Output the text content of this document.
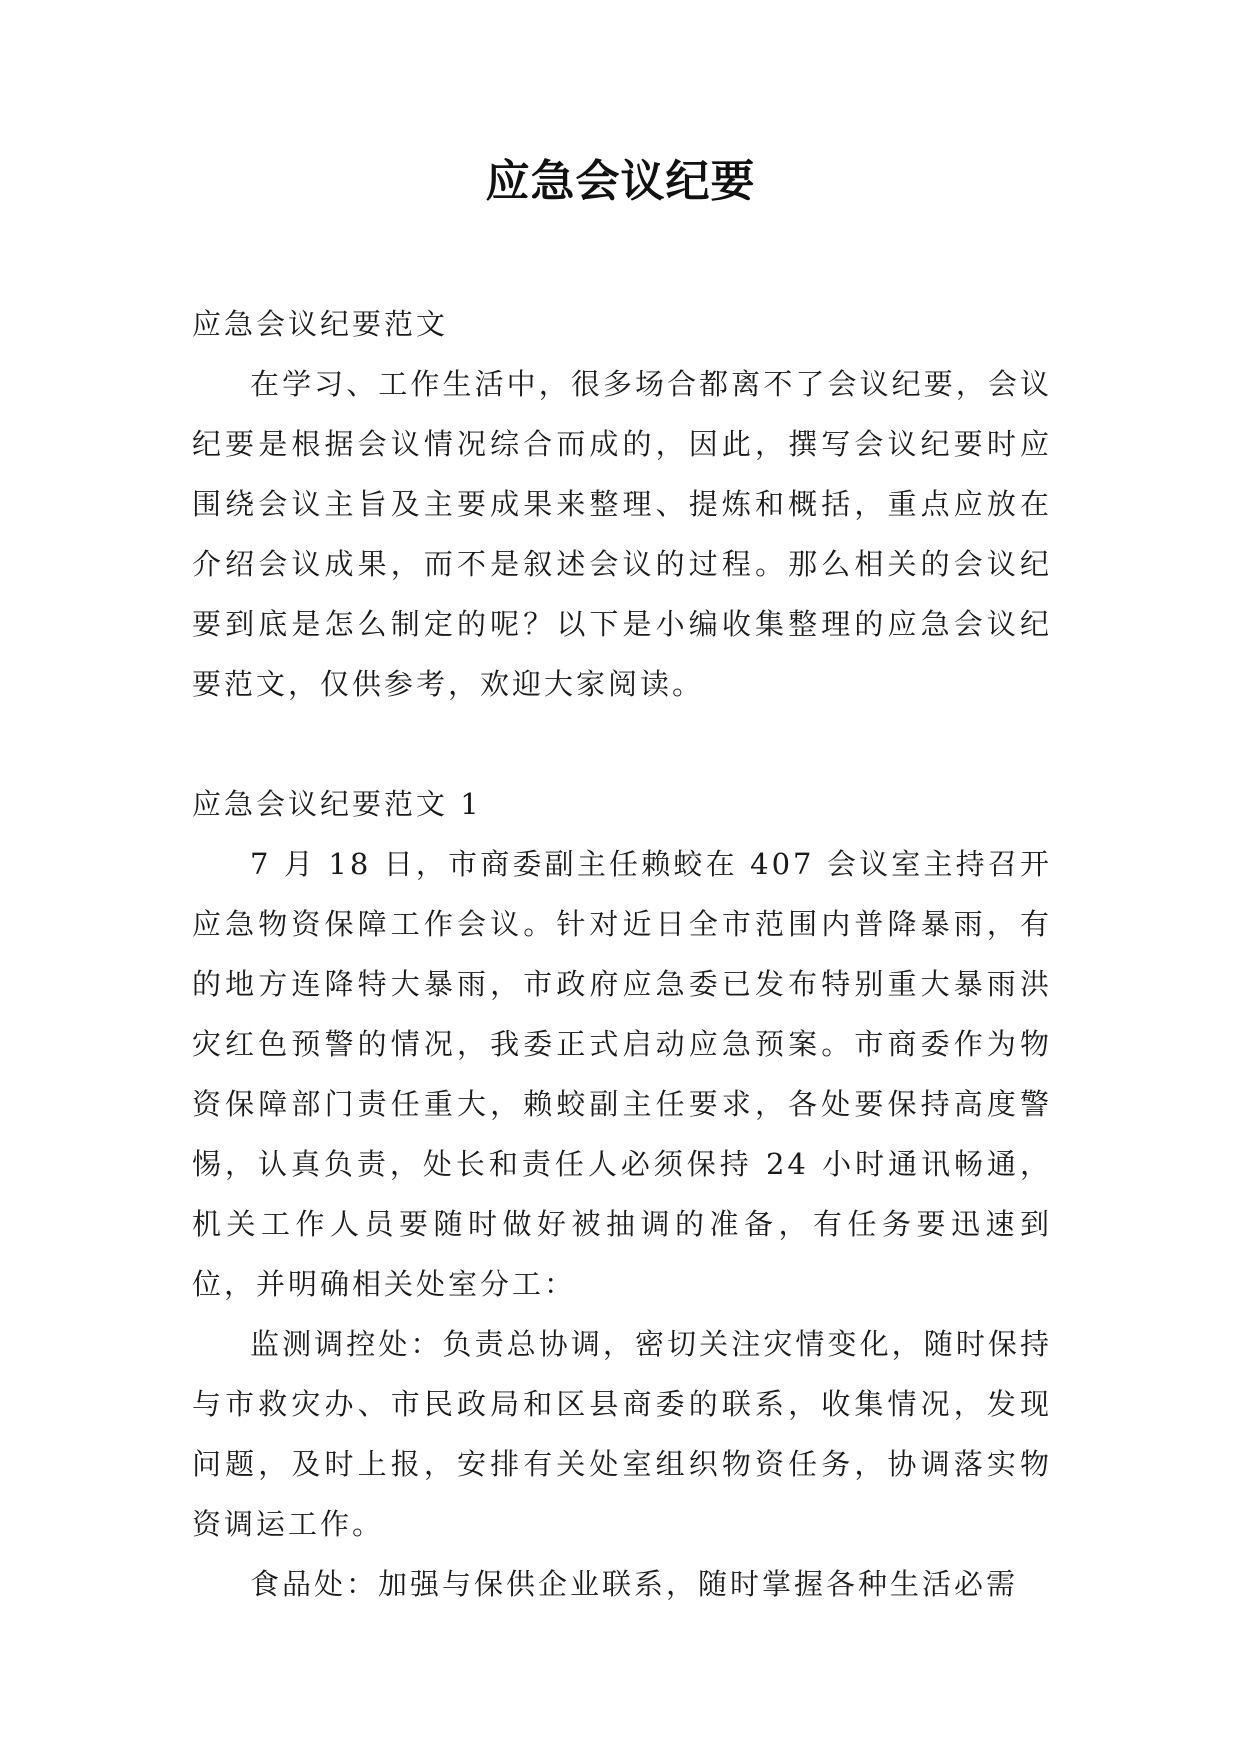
应急会议纪要

应急会议纪要范文

在学习、工作生活中，很多场合都离不了会议纪要，会议纪要是根据会议情况综合而成的，因此，撰写会议纪要时应围绕会议主旨及主要成果来整理、提炼和概括，重点应放在介绍会议成果，而不是叙述会议的过程。那么相关的会议纪要到底是怎么制定的呢？以下是小编收集整理的应急会议纪要范文，仅供参考，欢迎大家阅读。

应急会议纪要范文 1

7 月 18 日，市商委副主任赖蛟在 407 会议室主持召开应急物资保障工作会议。针对近日全市范围内普降暴雨，有的地方连降特大暴雨，市政府应急委已发布特别重大暴雨洪灾红色预警的情况，我委正式启动应急预案。市商委作为物资保障部门责任重大，赖蛟副主任要求，各处要保持高度警惕，认真负责，处长和责任人必须保持 24 小时通讯畅通，机关工作人员要随时做好被抽调的准备，有任务要迅速到位，并明确相关处室分工：

监测调控处：负责总协调，密切关注灾情变化，随时保持与市救灾办、市民政局和区县商委的联系，收集情况，发现问题，及时上报，安排有关处室组织物资任务，协调落实物资调运工作。

食品处：加强与保供企业联系，随时掌握各种生活必需
